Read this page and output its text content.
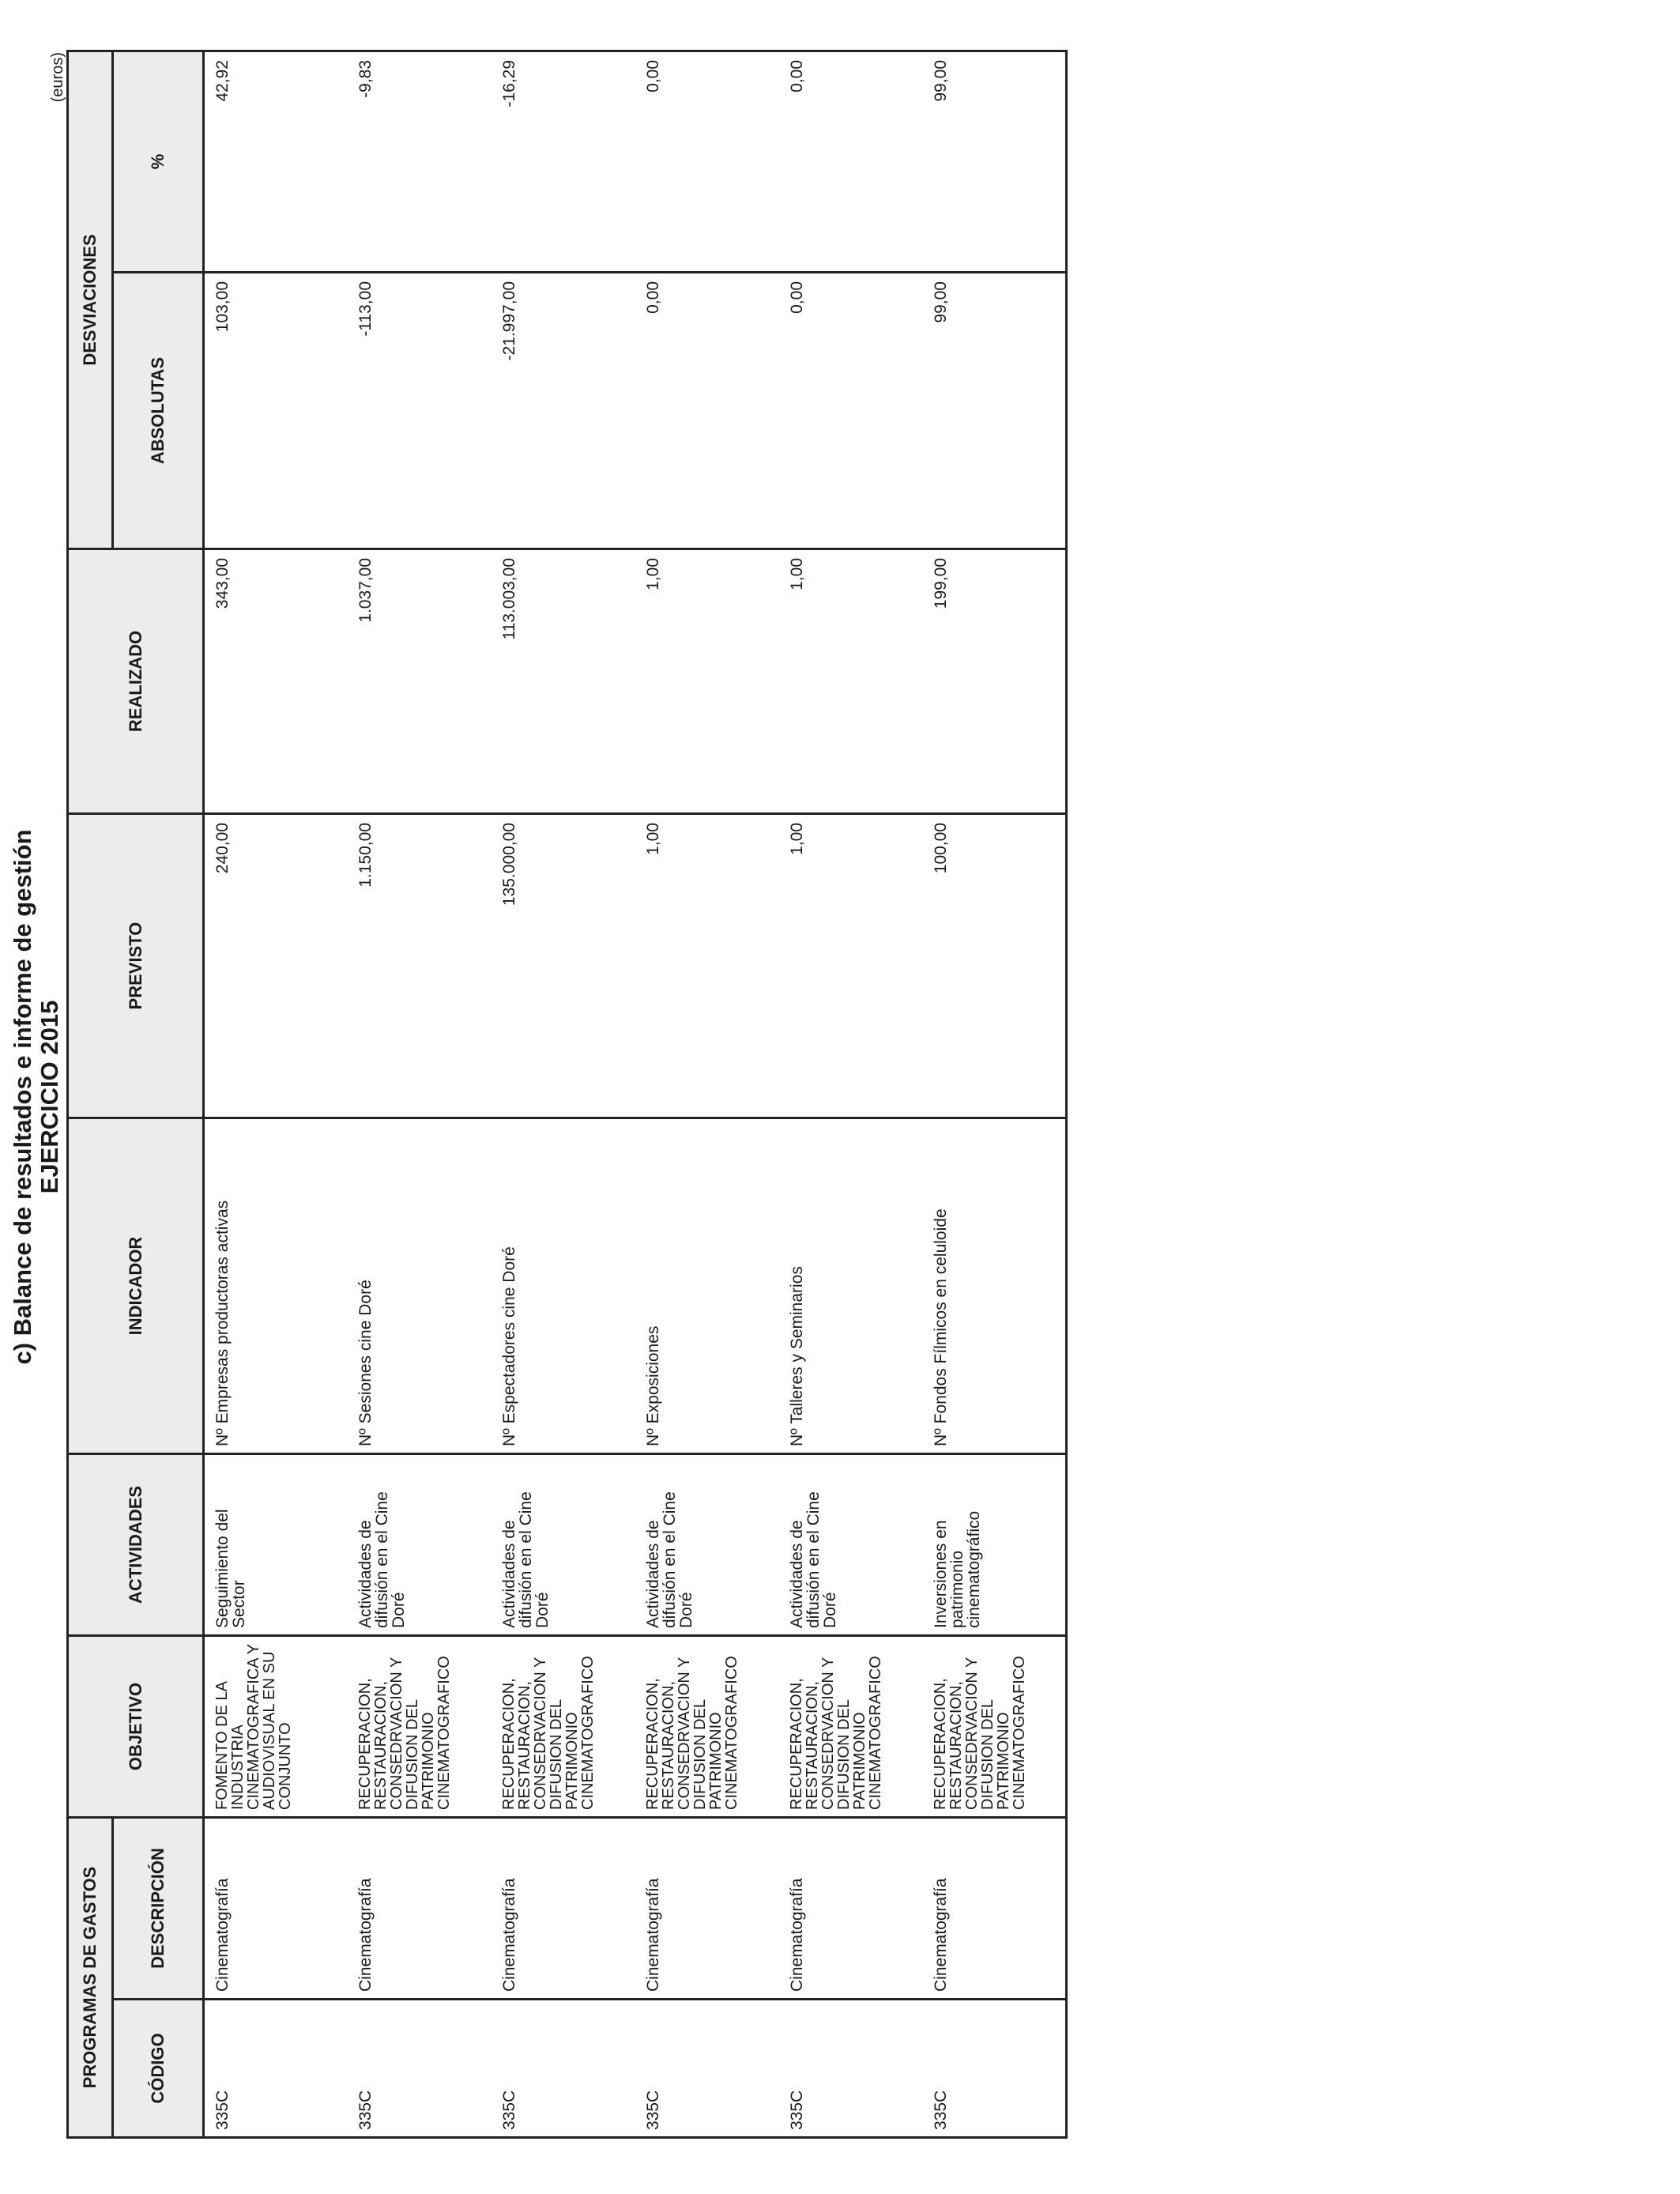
c) Balance de resultados e informe de gestión EJERCICIO 2015
(euros)
PROGRAMAS DE GASTOS		OBJETIVO	ACTIVIDADES	INDICADOR	PREVISTO	REALIZADO	DESVIACIONES	
CÓDIGO	DESCRIPCIÓN						ABSOLUTAS	%
335C	Cinematografía	FOMENTO DE LA INDUSTRIA CINEMATOGRAFICA Y AUDIOVISUAL EN SU CONJUNTO	Seguimiento del Sector	Nº Empresas productoras activas	240,00	343,00	103,00	42,92
335C	Cinematografía	RECUPERACION, RESTAURACION, CONSEDRVACION Y DIFUSION DEL PATRIMONIO CINEMATOGRAFICO	Actividades de difusión en el Cine Doré	Nº Sesiones cine Doré	1.150,00	1.037,00	-113,00	-9,83
335C	Cinematografía	RECUPERACION, RESTAURACION, CONSEDRVACION Y DIFUSION DEL PATRIMONIO CINEMATOGRAFICO	Actividades de difusión en el Cine Doré	Nº Espectadores cine Doré	135.000,00	113.003,00	-21.997,00	-16,29
335C	Cinematografía	RECUPERACION, RESTAURACION, CONSEDRVACION Y DIFUSION DEL PATRIMONIO CINEMATOGRAFICO	Actividades de difusión en el Cine Doré	Nº Exposiciones	1,00	1,00	0,00	0,00
335C	Cinematografía	RECUPERACION, RESTAURACION, CONSEDRVACION Y DIFUSION DEL PATRIMONIO CINEMATOGRAFICO	Actividades de difusión en el Cine Doré	Nº Talleres y Seminarios	1,00	1,00	0,00	0,00
335C	Cinematografía	RECUPERACION, RESTAURACION, CONSEDRVACION Y DIFUSION DEL PATRIMONIO CINEMATOGRAFICO	Inversiones en patrimonio cinematográfico	Nº Fondos Fílmicos en celuloide	100,00	199,00	99,00	99,00
